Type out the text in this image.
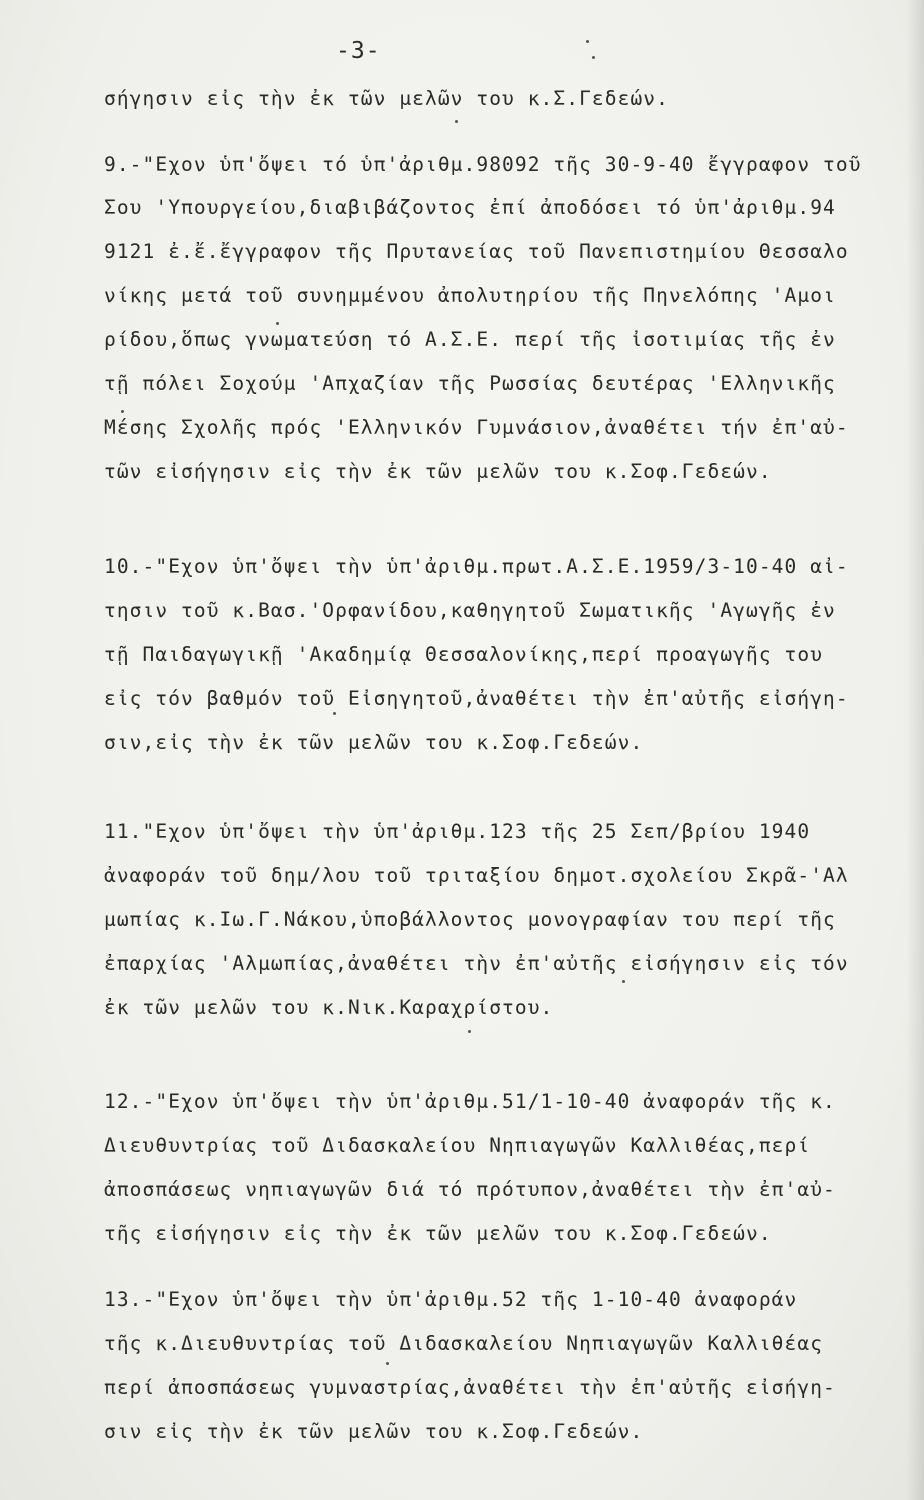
-3-
σήγησιν εἰς τὴν ἐκ τῶν μελῶν του κ.Σ.Γεδεών.
9.-"Εχον ὑπ'ὄψει τό ὑπ'ἀριθμ.98092 τῆς 30-9-40 ἔγγραφον τοῦ
Σου 'Υπουργείου,διαβιβάζοντος ἐπί ἀποδόσει τό ὑπ'ἀριθμ.94
9121 ἐ.ἔ.ἔγγραφον τῆς Πρυτανείας τοῦ Πανεπιστημίου Θεσσαλο
νίκης μετά τοῦ συνημμένου ἀπολυτηρίου τῆς Πηνελόπης 'Αμοι
ρίδου,ὅπως γνωματεύση τό Α.Σ.Ε. περί τῆς ἰσοτιμίας τῆς ἐν
τῇ πόλει Σοχούμ 'Απχαζίαν τῆς Ρωσσίας δευτέρας 'Ελληνικῆς
Μέσης Σχολῆς πρός 'Ελληνικόν Γυμνάσιον,ἀναθέτει τήν ἐπ'αὐ-
τῶν εἰσήγησιν εἰς τὴν ἐκ τῶν μελῶν του κ.Σοφ.Γεδεών.
10.-"Εχον ὑπ'ὄψει τὴν ὑπ'ἀριθμ.πρωτ.Α.Σ.Ε.1959/3-10-40 αἰ-
τησιν τοῦ κ.Βασ.'Ορφανίδου,καθηγητοῦ Σωματικῆς 'Αγωγῆς ἐν
τῇ Παιδαγωγικῇ 'Ακαδημίᾳ Θεσσαλονίκης,περί προαγωγῆς του
εἰς τόν βαθμόν τοῦ Εἰσηγητοῦ,ἀναθέτει τὴν ἐπ'αὐτῆς εἰσήγη-
σιν,εἰς τὴν ἐκ τῶν μελῶν του κ.Σοφ.Γεδεών.
11."Εχον ὑπ'ὄψει τὴν ὑπ'ἀριθμ.123 τῆς 25 Σεπ/βρίου 1940
ἀναφοράν τοῦ δημ/λου τοῦ τριταξίου δημοτ.σχολείου Σκρᾶ-'Αλ
μωπίας κ.Ιω.Γ.Νάκου,ὑποβάλλοντος μονογραφίαν του περί τῆς
ἐπαρχίας 'Αλμωπίας,ἀναθέτει τὴν ἐπ'αὐτῆς εἰσήγησιν εἰς τόν
ἐκ τῶν μελῶν του κ.Νικ.Καραχρίστου.
12.-"Εχον ὑπ'ὄψει τὴν ὑπ'ἀριθμ.51/1-10-40 ἀναφοράν τῆς κ.
Διευθυντρίας τοῦ Διδασκαλείου Νηπιαγωγῶν Καλλιθέας,περί
ἀποσπάσεως νηπιαγωγῶν διά τό πρότυπον,ἀναθέτει τὴν ἐπ'αὐ-
τῆς εἰσήγησιν εἰς τὴν ἐκ τῶν μελῶν του κ.Σοφ.Γεδεών.
13.-"Εχον ὑπ'ὄψει τὴν ὑπ'ἀριθμ.52 τῆς 1-10-40 ἀναφοράν
τῆς κ.Διευθυντρίας τοῦ Διδασκαλείου Νηπιαγωγῶν Καλλιθέας
περί ἀποσπάσεως γυμναστρίας,ἀναθέτει τὴν ἐπ'αὐτῆς εἰσήγη-
σιν εἰς τὴν ἐκ τῶν μελῶν του κ.Σοφ.Γεδεών.
